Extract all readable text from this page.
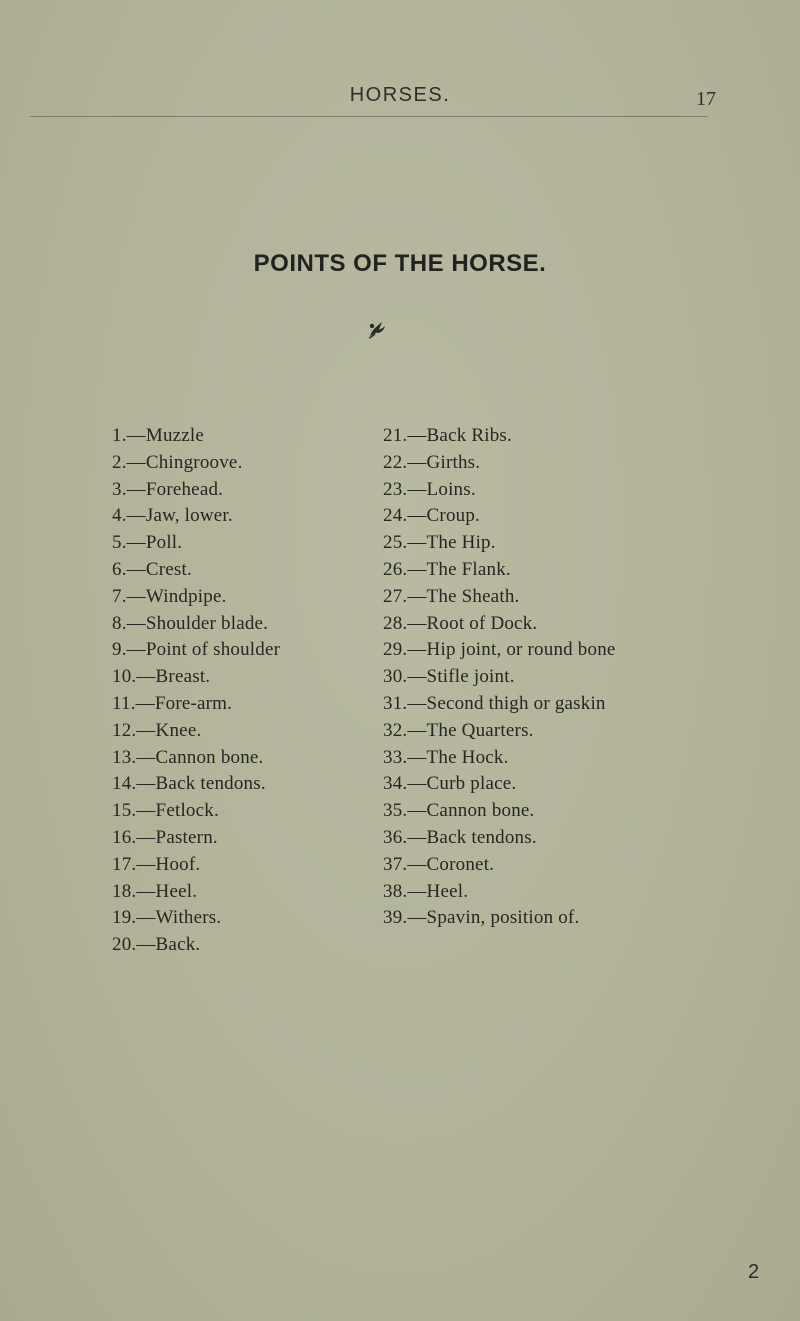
HORSES.	17
POINTS OF THE HORSE.
1.—Muzzle
2.—Chingroove.
3.—Forehead.
4.—Jaw, lower.
5.—Poll.
6.—Crest.
7.—Windpipe.
8.—Shoulder blade.
9.—Point of shoulder
10.—Breast.
11.—Fore-arm.
12.—Knee.
13.—Cannon bone.
14.—Back tendons.
15.—Fetlock.
16.—Pastern.
17.—Hoof.
18.—Heel.
19.—Withers.
20.—Back.
21.—Back Ribs.
22.—Girths.
23.—Loins.
24.—Croup.
25.—The Hip.
26.—The Flank.
27.—The Sheath.
28.—Root of Dock.
29.—Hip joint, or round bone
30.—Stifle joint.
31.—Second thigh or gaskin
32.—The Quarters.
33.—The Hock.
34.—Curb place.
35.—Cannon bone.
36.—Back tendons.
37.—Coronet.
38.—Heel.
39.—Spavin, position of.
2
